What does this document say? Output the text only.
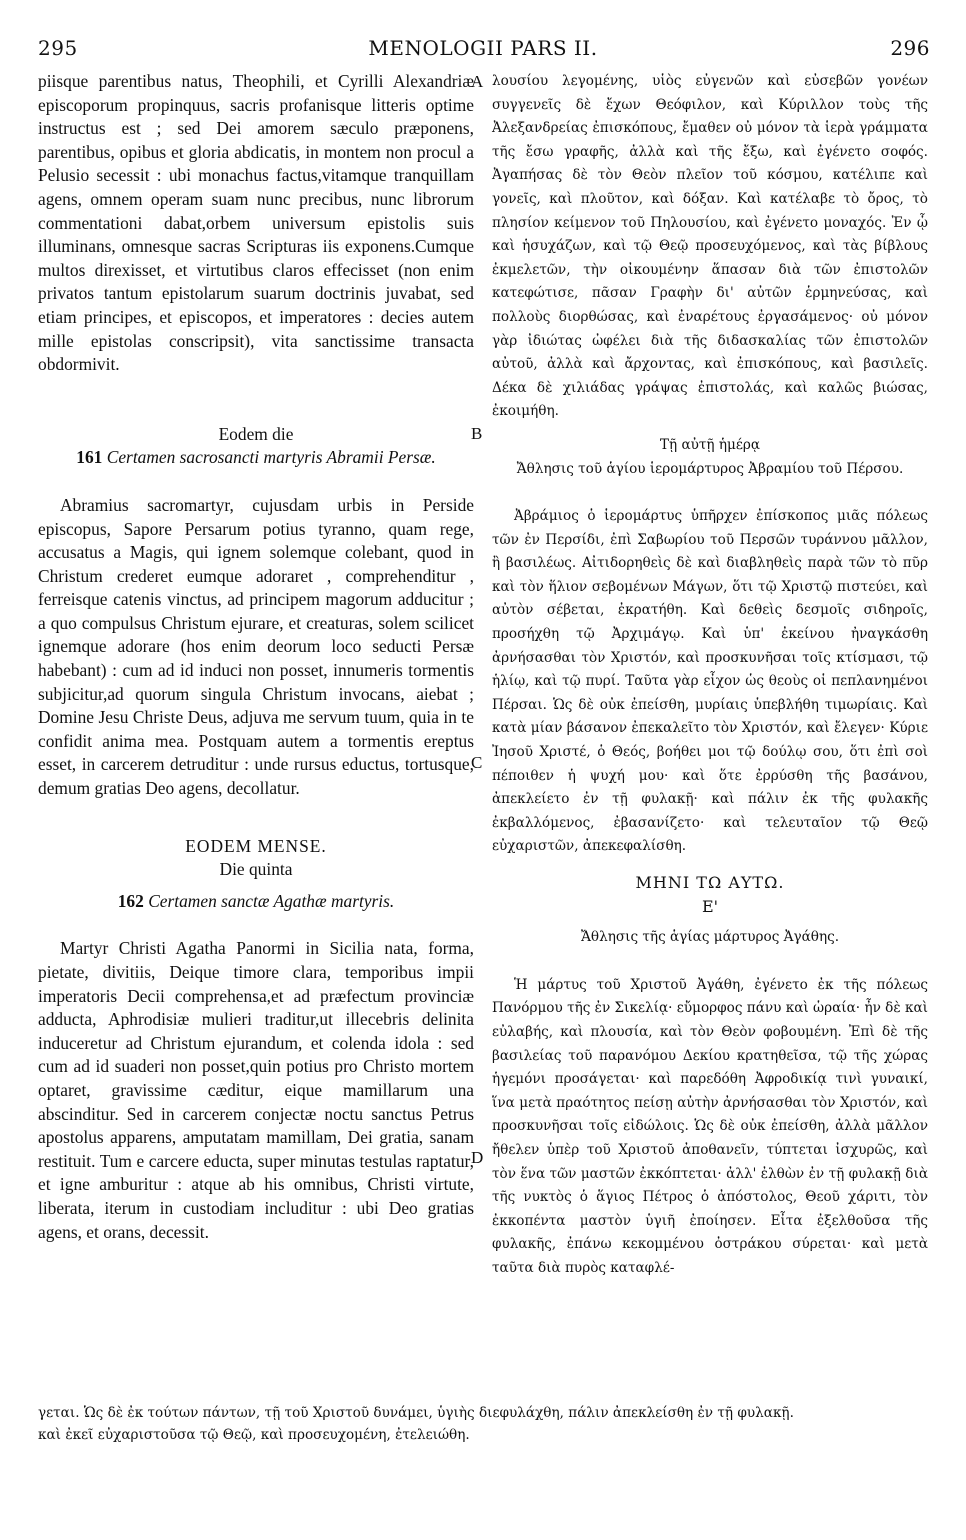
295	MENOLOGII PARS II.	296
A
B
C
D

piisque parentibus natus, Theophili, et Cyrilli Alexandriæ episcoporum propinquus, sacris profanisque litteris optime instructus est ; sed Dei amorem sæculo præponens, parentibus, opibus et gloria abdicatis, in montem non procul a Pelusio secessit : ubi monachus factus,vitamque tranquillam agens, omnem operam suam nunc precibus, nunc librorum commentationi dabat,orbem universum epistolis suis illuminans, omnesque sacras Scripturas iis exponens.Cumque multos direxisset, et virtutibus claros effecisset (non enim privatos tantum epistolarum suarum doctrinis juvabat, sed etiam principes, et episcopos, et imperatores : decies autem mille epistolas conscripsit), vita sanctissime transacta obdormivit.

Eodem die

161 Certamen sacrosancti martyris Abramii Persæ.

Abramius sacromartyr, cujusdam urbis in Perside episcopus, Sapore Persarum potius tyranno, quam rege, accusatus a Magis, qui ignem solemque colebant, quod in Christum crederet eumque adoraret , comprehenditur , ferreisque catenis vinctus, ad principem magorum adducitur ; a quo compulsus Christum ejurare, et creaturas, solem scilicet ignemque adorare (hos enim deorum loco seducti Persæ habebant) : cum ad id induci non posset, innumeris tormentis subjicitur,ad quorum singula Christum invocans, aiebat ; Domine Jesu Christe Deus, adjuva me servum tuum, quia in te confidit anima mea. Postquam autem a tormentis ereptus esset, in carcerem detruditur : unde rursus eductus, tortusque, demum gratias Deo agens, decollatur.

EODEM MENSE.

Die quinta

162 Certamen sanctæ Agathæ martyris.

Martyr Christi Agatha Panormi in Sicilia nata, forma, pietate, divitiis, Deique timore clara, temporibus impii imperatoris Decii comprehensa,et ad præfectum provinciæ adducta, Aphrodisiæ mulieri traditur,ut illecebris delinita induceretur ad Christum ejurandum, et colenda idola : sed cum ad id suaderi non posset,quin potius pro Christo mortem optaret, gravissime cæditur, eique mamillarum una abscinditur. Sed in carcerem conjectæ noctu sanctus Petrus apostolus apparens, amputatam mamillam, Dei gratia, sanam restituit. Tum e carcere educta, super minutas testulas raptatur, et igne amburitur : atque ab his omnibus, Christi virtute, liberata, iterum in custodiam includitur : ubi Deo gratias agens, et orans, decessit.

λουσίου λεγομένης, υἱὸς εὐγενῶν καὶ εὐσεβῶν γονέων συγγενεῖς δὲ ἔχων Θεόφιλον, καὶ Κύριλλον τοὺς τῆς Ἀλεξανδρείας ἐπισκόπους, ἔμαθεν οὐ μόνον τὰ ἱερὰ γράμματα τῆς ἔσω γραφῆς, ἀλλὰ καὶ τῆς ἔξω, καὶ ἐγένετο σοφός. Ἀγαπήσας δὲ τὸν Θεὸν πλεῖον τοῦ κόσμου, κατέλιπε καὶ γονεῖς, καὶ πλοῦτον, καὶ δόξαν. Καὶ κατέλαβε τὸ ὄρος, τὸ πλησίον κείμενον τοῦ Πηλουσίου, καὶ ἐγένετο μοναχός. Ἐν ᾧ καὶ ἡσυχάζων, καὶ τῷ Θεῷ προσευχόμενος, καὶ τὰς βίβλους ἐκμελετῶν, τὴν οἰκουμένην ἅπασαν διὰ τῶν ἐπιστολῶν κατεφώτισε, πᾶσαν Γραφὴν δι' αὐτῶν ἑρμηνεύσας, καὶ πολλοὺς διορθώσας, καὶ ἐναρέτους ἐργασάμενος· οὐ μόνον γὰρ ἰδιώτας ὠφέλει διὰ τῆς διδασκαλίας τῶν ἐπιστολῶν αὐτοῦ, ἀλλὰ καὶ ἄρχοντας, καὶ ἐπισκόπους, καὶ βασιλεῖς. Δέκα δὲ χιλιάδας γράψας ἐπιστολάς, καὶ καλῶς βιώσας, ἐκοιμήθη.

Τῇ αὐτῇ ἡμέρᾳ

Ἄθλησις τοῦ ἁγίου ἱερομάρτυρος Ἀβραμίου τοῦ Πέρσου.

Ἀβράμιος ὁ ἱερομάρτυς ὑπῆρχεν ἐπίσκοπος μιᾶς πόλεως τῶν ἐν Περσίδι, ἐπὶ Σαβωρίου τοῦ Περσῶν τυράννου μᾶλλον, ἢ βασιλέως. Αἰτιδορηθεὶς δὲ καὶ διαβληθεὶς παρὰ τῶν τὸ πῦρ καὶ τὸν ἥλιον σεβομένων Μάγων, ὅτι τῷ Χριστῷ πιστεύει, καὶ αὐτὸν σέβεται, ἐκρατήθη. Καὶ δεθεὶς δεσμοῖς σιδηροῖς, προσήχθη τῷ Ἀρχιμάγῳ. Καὶ ὑπ' ἐκείνου ἠναγκάσθη ἀρνήσασθαι τὸν Χριστόν, καὶ προσκυνῆσαι τοῖς κτίσμασι, τῷ ἡλίῳ, καὶ τῷ πυρί. Ταῦτα γὰρ εἶχον ὡς θεοὺς οἱ πεπλανημένοι Πέρσαι. Ὡς δὲ οὐκ ἐπείσθη, μυρίαις ὑπεβλήθη τιμωρίαις. Καὶ κατὰ μίαν βάσανον ἐπεκαλεῖτο τὸν Χριστόν, καὶ ἔλεγεν· Κύριε Ἰησοῦ Χριστέ, ὁ Θεός, βοήθει μοι τῷ δούλῳ σου, ὅτι ἐπὶ σοὶ πέποιθεν ἡ ψυχή μου· καὶ ὅτε ἐρρύσθη τῆς βασάνου, ἀπεκλείετο ἐν τῇ φυλακῇ· καὶ πάλιν ἐκ τῆς φυλακῆς ἐκβαλλόμενος, ἐβασανίζετο· καὶ τελευταῖον τῷ Θεῷ εὐχαριστῶν, ἀπεκεφαλίσθη.

ΜΗΝΙ ΤΩ ΑΥΤΩ.

Ε'

Ἄθλησις τῆς ἁγίας μάρτυρος Ἀγάθης.

Ἡ μάρτυς τοῦ Χριστοῦ Ἀγάθη, ἐγένετο ἐκ τῆς πόλεως Πανόρμου τῆς ἐν Σικελίᾳ· εὔμορφος πάνυ καὶ ὡραία· ἦν δὲ καὶ εὐλαβής, καὶ πλουσία, καὶ τὸν Θεὸν φοβουμένη. Ἐπὶ δὲ τῆς βασιλείας τοῦ παρανόμου Δεκίου κρατηθεῖσα, τῷ τῆς χώρας ἡγεμόνι προσάγεται· καὶ παρεδόθη Ἀφροδικίᾳ τινὶ γυναικί, ἵνα μετὰ πραότητος πείσῃ αὐτὴν ἀρνήσασθαι τὸν Χριστόν, καὶ προσκυνῆσαι τοῖς εἰδώλοις. Ὡς δὲ οὐκ ἐπείσθη, ἀλλὰ μᾶλλον ἤθελεν ὑπὲρ τοῦ Χριστοῦ ἀποθανεῖν, τύπτεται ἰσχυρῶς, καὶ τὸν ἕνα τῶν μαστῶν ἐκκόπτεται· ἀλλ' ἐλθὼν ἐν τῇ φυλακῇ διὰ τῆς νυκτὸς ὁ ἅγιος Πέτρος ὁ ἀπόστολος, Θεοῦ χάριτι, τὸν ἐκκοπέντα μαστὸν ὑγιῆ ἐποίησεν. Εἶτα ἐξελθοῦσα τῆς φυλακῆς, ἐπάνω κεκομμένου ὀστράκου σύρεται· καὶ μετὰ ταῦτα διὰ πυρὸς καταφλέ-

γεται. Ὡς δὲ ἐκ τούτων πάντων, τῇ τοῦ Χριστοῦ δυνάμει, ὑγιὴς διεφυλάχθη, πάλιν ἀπεκλείσθη ἐν τῇ φυλακῇ.
καὶ ἐκεῖ εὐχαριστοῦσα τῷ Θεῷ, καὶ προσευχομένη, ἐτελειώθη.
